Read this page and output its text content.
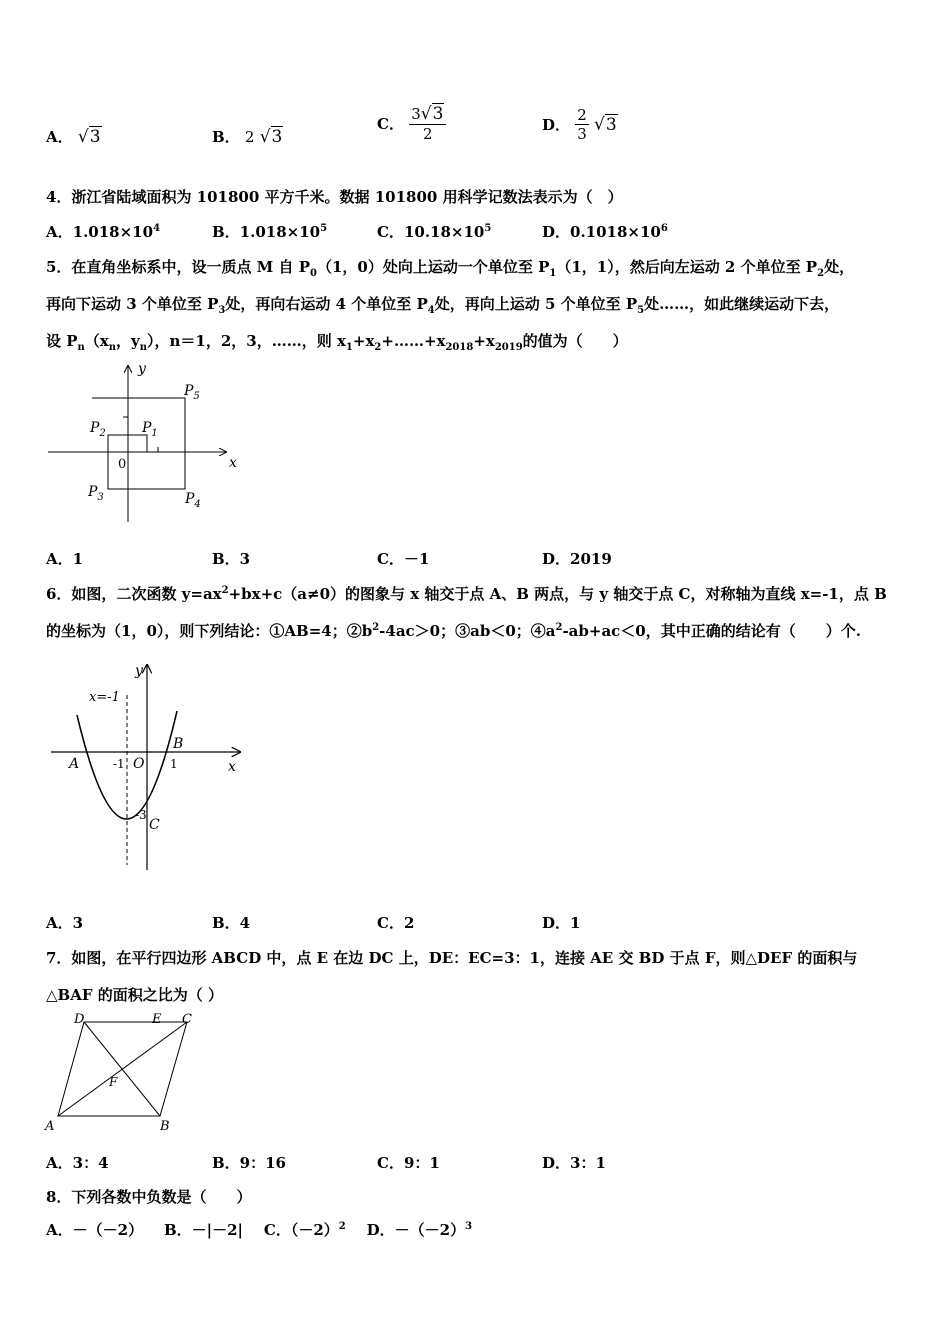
A． √3	B． 2 √3
C． $\frac{3√3}{2}$	D． $\frac{2}{3} √3$
4．浙江省陆域面积为 101800 平方千米。数据 101800 用科学记数法表示为（　）
A．$1.018\times 10^4$	B．$1.018\times 10^5$	C．$10.18\times 10^5$	D．$0.1018\times 10^6$
5．在直角坐标系中，设一质点 M 自 $P_0(1$，0）处向上运动一个单位至 $P_1(1$，1），然后向左运动 2 个单位至 $P_2$处，
再向下运动 3 个单位至 $P_3$处，再向右运动 4 个单位至 $P_4$处，再向上运动 5 个单位至 $P_5$处……，如此继续运动下去，
设 $P_n(x_n$，$y_n$），n＝1，2，3，……，则 $x_1+x_2+\dots\dots+x_{2018}+x_{2019}$的值为（　　）
x
y
0
$P_1$
$P_2$
$P_3$	$P_4$
$P_5$
A．1	B．3	C．－1	D．2019
6．如图，二次函数 $y=ax^2+bx+c(a\ne 0)$的图象与 x 轴交于点 A、B 两点，与 y 轴交于点 C，对称轴为直线 x=-1，点 B
的坐标为（1，0），则下列结论：①AB=4；$②b^2-4ac>0$；③ab＜0；$④a^2-ab+ac<0$，其中正确的结论有（　　）个.
x=-1
y
x
A
B
C
O
-1	1
-3
A．3	B．4	C．2	D．1
7．如图，在平行四边形 ABCD 中，点 E 在边 DC 上，DE：EC=3：1，连接 AE 交 BD 于点 F，则△DEF 的面积与
△BAF 的面积之比为（ ）
D	E C
A	B
F
A．3：4	B．9：16	C．9：1	D．3：1
8．下列各数中负数是（　　）
A．－（－2） B．－|－2| C．$(-2)^2$ D．$-(-2)^3$
